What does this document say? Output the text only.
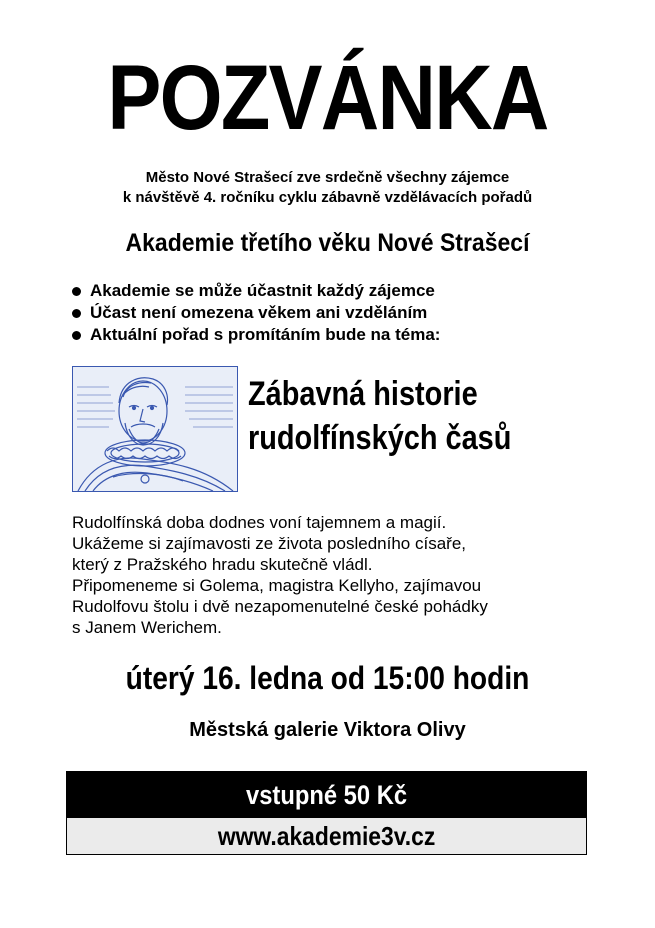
POZVÁNKA
Město Nové Strašecí zve srdečně všechny zájemce
k návštěvě 4. ročníku cyklu zábavně vzdělávacích pořadů
Akademie třetího věku Nové Strašecí
Akademie se může účastnit každý zájemce
Účast není omezena věkem ani vzděláním
Aktuální pořad s promítáním bude na téma:
Zábavná historie
rudolfínských časů
Rudolfínská doba dodnes voní tajemnem a magií.
Ukážeme si zajímavosti ze života posledního císaře,
který z Pražského hradu skutečně vládl.
Připomeneme si Golema, magistra Kellyho, zajímavou
Rudolfovu štolu i dvě nezapomenutelné české pohádky
s Janem Werichem.
úterý 16. ledna od 15:00 hodin
Městská galerie Viktora Olivy
vstupné 50 Kč
www.akademie3v.cz
